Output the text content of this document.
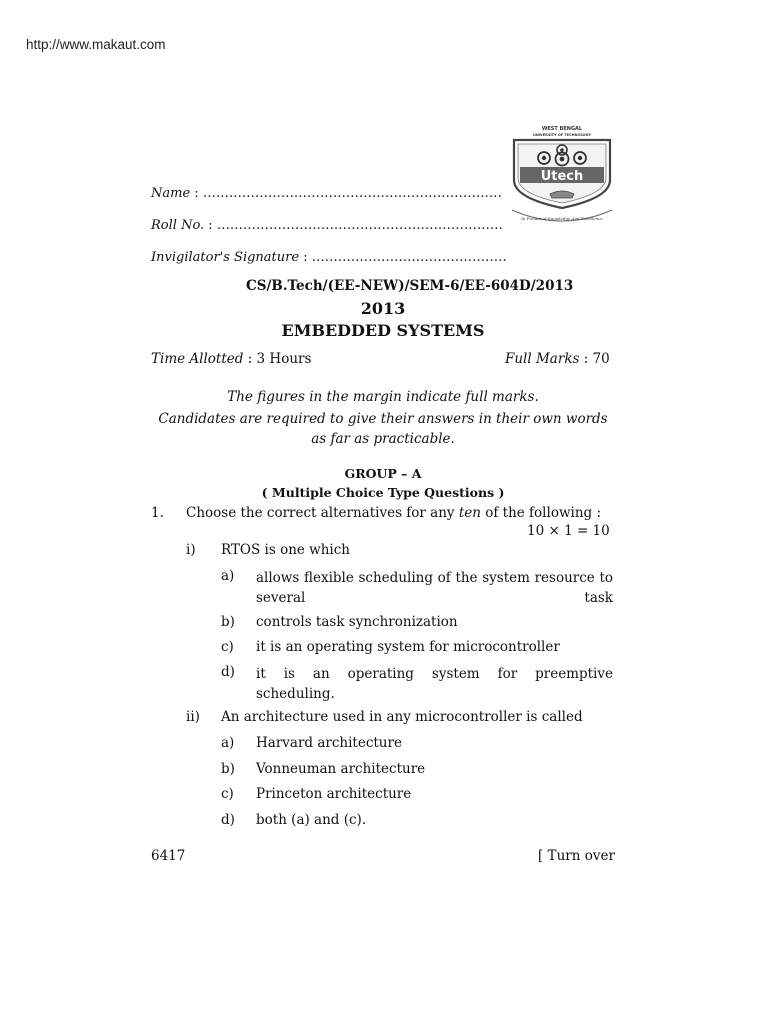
http://www.makaut.com
WEST BENGAL
UNIVERSITY OF TECHNOLOGY
Utech
In Pursuit of Knowledge And Excellence
Name : ……………………………………………………………
Roll No. : …………………………………………………………
Invigilator's Signature : ………………………………………
CS/B.Tech/(EE-NEW)/SEM-6/EE-604D/2013
2013
EMBEDDED SYSTEMS
Time Allotted : 3 Hours	Full Marks : 70
The figures in the margin indicate full marks.
Candidates are required to give their answers in their own words
as far as practicable.
GROUP – A
( Multiple Choice Type Questions )
1. Choose the correct alternatives for any ten of the following :
10 × 1 = 10
i) RTOS is one which
a) allows flexible scheduling of the system resource to several task
b) controls task synchronization
c) it is an operating system for microcontroller
d) it is an operating system for preemptive scheduling.
ii) An architecture used in any microcontroller is called
a) Harvard architecture
b) Vonneuman architecture
c) Princeton architecture
d) both (a) and (c).
6417	[ Turn over
